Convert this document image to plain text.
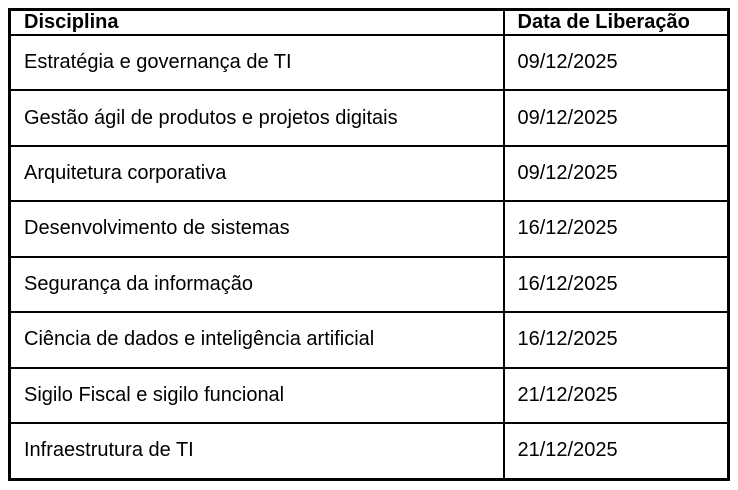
Disciplina	Data de Liberação
Estratégia e governança de TI	09/12/2025
Gestão ágil de produtos e projetos digitais	09/12/2025
Arquitetura corporativa	09/12/2025
Desenvolvimento de sistemas	16/12/2025
Segurança da informação	16/12/2025
Ciência de dados e inteligência artificial	16/12/2025
Sigilo Fiscal e sigilo funcional	21/12/2025
Infraestrutura de TI	21/12/2025
